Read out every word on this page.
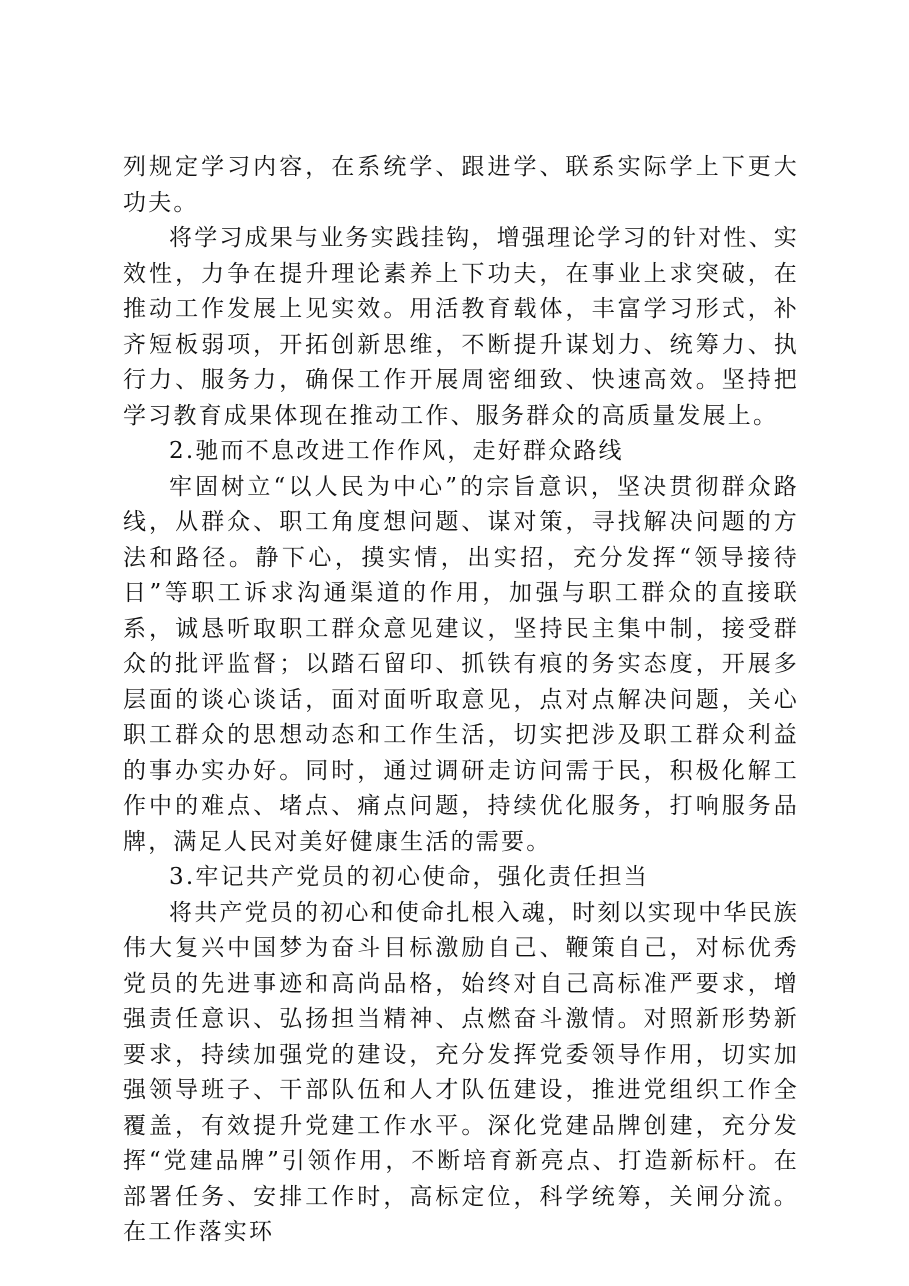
列规定学习内容，在系统学、跟进学、联系实际学上下更大功夫。

将学习成果与业务实践挂钩，增强理论学习的针对性、实效性，力争在提升理论素养上下功夫，在事业上求突破，在推动工作发展上见实效。用活教育载体，丰富学习形式，补齐短板弱项，开拓创新思维，不断提升谋划力、统筹力、执行力、服务力，确保工作开展周密细致、快速高效。坚持把学习教育成果体现在推动工作、服务群众的高质量发展上。

2.驰而不息改进工作作风，走好群众路线

牢固树立“以人民为中心”的宗旨意识，坚决贯彻群众路线，从群众、职工角度想问题、谋对策，寻找解决问题的方法和路径。静下心，摸实情，出实招，充分发挥“领导接待日”等职工诉求沟通渠道的作用，加强与职工群众的直接联系，诚恳听取职工群众意见建议，坚持民主集中制，接受群众的批评监督；以踏石留印、抓铁有痕的务实态度，开展多层面的谈心谈话，面对面听取意见，点对点解决问题，关心职工群众的思想动态和工作生活，切实把涉及职工群众利益的事办实办好。同时，通过调研走访问需于民，积极化解工作中的难点、堵点、痛点问题，持续优化服务，打响服务品牌，满足人民对美好健康生活的需要。

3.牢记共产党员的初心使命，强化责任担当

将共产党员的初心和使命扎根入魂，时刻以实现中华民族伟大复兴中国梦为奋斗目标激励自己、鞭策自己，对标优秀党员的先进事迹和高尚品格，始终对自己高标准严要求，增强责任意识、弘扬担当精神、点燃奋斗激情。对照新形势新要求，持续加强党的建设，充分发挥党委领导作用，切实加强领导班子、干部队伍和人才队伍建设，推进党组织工作全覆盖，有效提升党建工作水平。深化党建品牌创建，充分发挥“党建品牌”引领作用，不断培育新亮点、打造新标杆。在部署任务、安排工作时，高标定位，科学统筹，关闸分流。在工作落实环
